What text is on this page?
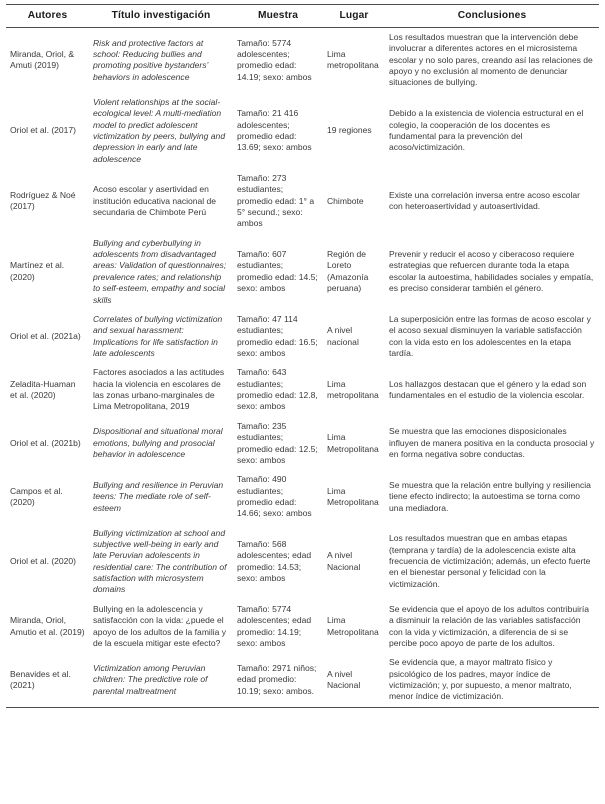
Autores	Título investigación	Muestra	Lugar	Conclusiones
Miranda, Oriol, & Amuti (2019)	Risk and protective factors at school: Reducing bullies and promoting positive bystanders’ behaviors in adolescence	Tamaño: 5774 adolescentes; promedio edad: 14.19; sexo: ambos	Lima metropolitana	Los resultados muestran que la intervención debe involucrar a diferentes actores en el microsistema escolar y no solo pares, creando así las relaciones de apoyo y no exclusión al momento de denunciar situaciones de bullying.
Oriol et al. (2017)	Violent relationships at the social-ecological level: A multi-mediation model to predict adolescent victimization by peers, bullying and depression in early and late adolescence	Tamaño: 21 416 adolescentes; promedio edad: 13.69; sexo: ambos	19 regiones	Debido a la existencia de violencia estructural en el colegio, la cooperación de los docentes es fundamental para la prevención del acoso/victimización.
Rodríguez & Noé (2017)	Acoso escolar y asertividad en institución educativa nacional de secundaria de Chimbote Perú	Tamaño: 273 estudiantes; promedio edad: 1° a 5° secund.; sexo: ambos	Chimbote	Existe una correlación inversa entre acoso escolar con heteroasertividad y autoasertividad.
Martínez et al. (2020)	Bullying and cyberbullying in adolescents from disadvantaged areas: Validation of questionnaires; prevalence rates; and relationship to self-esteem, empathy and social skills	Tamaño: 607 estudiantes; promedio edad: 14.5; sexo: ambos	Región de Loreto (Amazonía peruana)	Prevenir y reducir el acoso y ciberacoso requiere estrategias que refuercen durante toda la etapa escolar la autoestima, habilidades sociales y empatía, es preciso considerar también el género.
Oriol et al. (2021a)	Correlates of bullying victimization and sexual harassment: Implications for life satisfaction in late adolescents	Tamaño: 47 114 estudiantes; promedio edad: 16.5; sexo: ambos	A nivel nacional	La superposición entre las formas de acoso escolar y el acoso sexual disminuyen la variable satisfacción con la vida esto en los adolescentes en la etapa tardía.
Zeladita-Huaman et al. (2020)	Factores asociados a las actitudes hacia la violencia en escolares de las zonas urbano-marginales de Lima Metropolitana, 2019	Tamaño: 643 estudiantes; promedio edad: 12.8, sexo: ambos	Lima metropolitana	Los hallazgos destacan que el género y la edad son fundamentales en el estudio de la violencia escolar.
Oriol et al. (2021b)	Dispositional and situational moral emotions, bullying and prosocial behavior in adolescence	Tamaño: 235 estudiantes; promedio edad: 12.5; sexo: ambos	Lima Metropolitana	Se muestra que las emociones disposicionales influyen de manera positiva en la conducta prosocial y en forma negativa sobre conductas.
Campos et al. (2020)	Bullying and resilience in Peruvian teens: The mediate role of self-esteem	Tamaño: 490 estudiantes; promedio edad: 14.66; sexo: ambos	Lima Metropolitana	Se muestra que la relación entre bullying y resiliencia tiene efecto indirecto; la autoestima se torna como una mediadora.
Oriol et al. (2020)	Bullying victimization at school and subjective well-being in early and late Peruvian adolescents in residential care: The contribution of satisfaction with microsystem domains	Tamaño: 568 adolescentes; edad promedio: 14.53; sexo: ambos	A nivel Nacional	Los resultados muestran que en ambas etapas (temprana y tardía) de la adolescencia existe alta frecuencia de victimización; además, un efecto fuerte en el bienestar personal y felicidad con la victimización.
Miranda, Oriol, Amutio et al. (2019)	Bullying en la adolescencia y satisfacción con la vida: ¿puede el apoyo de los adultos de la familia y de la escuela mitigar este efecto?	Tamaño: 5774 adolescentes; edad promedio: 14.19; sexo: ambos	Lima Metropolitana	Se evidencia que el apoyo de los adultos contribuiría a disminuir la relación de las variables satisfacción con la vida y victimización, a diferencia de si se percibe poco apoyo de parte de los adultos.
Benavides et al. (2021)	Victimization among Peruvian children: The predictive role of parental maltreatment	Tamaño: 2971 niños; edad promedio: 10.19; sexo: ambos.	A nivel Nacional	Se evidencia que, a mayor maltrato físico y psicológico de los padres, mayor índice de victimización; y, por supuesto, a menor maltrato, menor índice de victimización.
